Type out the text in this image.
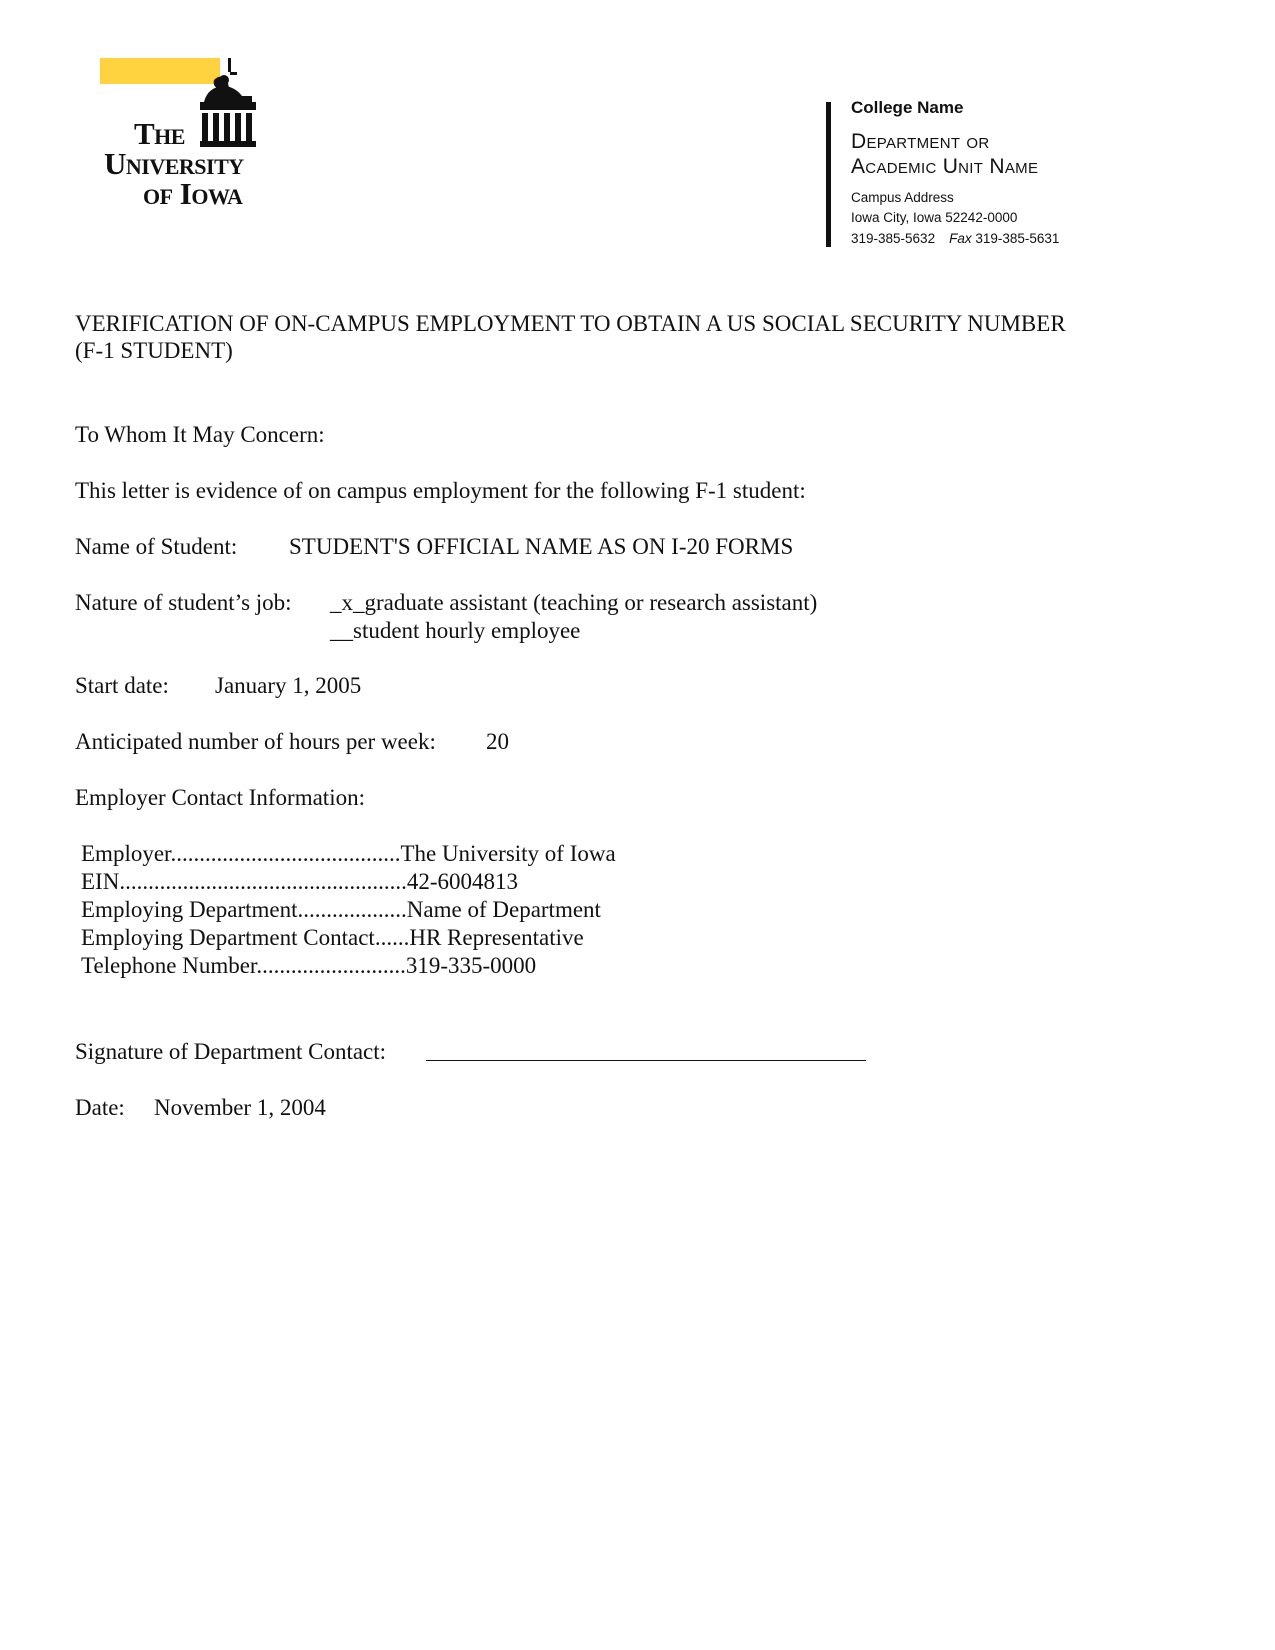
The
University
of Iowa
College Name
Department or
Academic Unit Name
Campus Address
Iowa City, Iowa 52242-0000
319-385-5632 Fax 319-385-5631
VERIFICATION OF ON-CAMPUS EMPLOYMENT TO OBTAIN A US SOCIAL SECURITY NUMBER
(F-1 STUDENT)
To Whom It May Concern:
This letter is evidence of on campus employment for the following F-1 student:
Name of Student: STUDENT'S OFFICIAL NAME AS ON I-20 FORMS
Nature of student’s job: _x_graduate assistant (teaching or research assistant)
__student hourly employee
Start date: January 1, 2005
Anticipated number of hours per week: 20
Employer Contact Information:
Employer........................................The University of Iowa
EIN..................................................42-6004813
Employing Department...................Name of Department
Employing Department Contact......HR Representative
Telephone Number..........................319-335-0000
Signature of Department Contact:
Date: November 1, 2004
